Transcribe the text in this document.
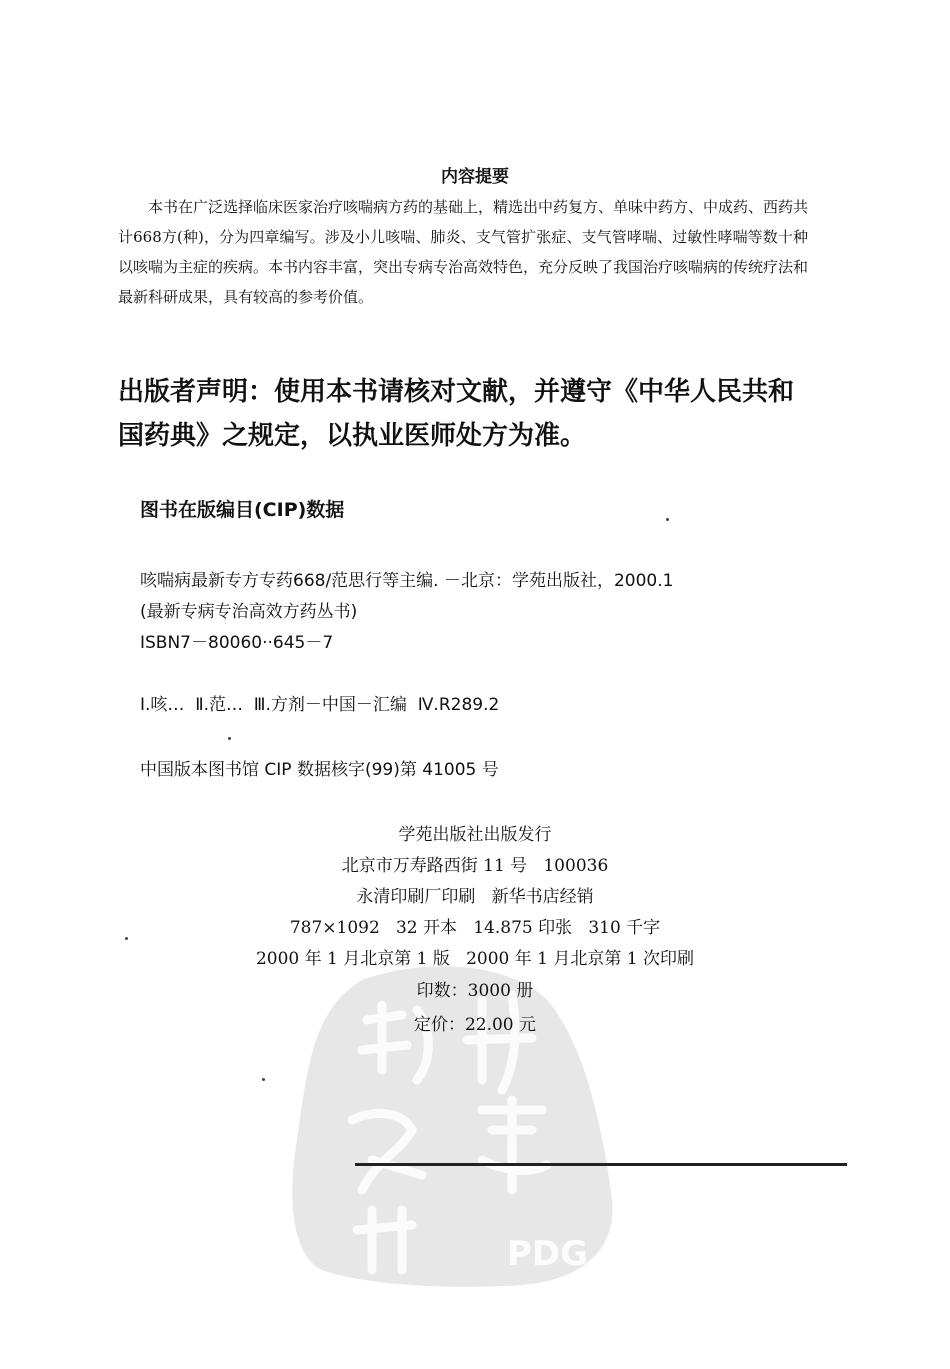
PDG
内容提要

本书在广泛选择临床医家治疗咳喘病方药的基础上，精选出中药复方、单味中药方、中成药、西药共计668方(种)，分为四章编写。涉及小儿咳喘、肺炎、支气管扩张症、支气管哮喘、过敏性哮喘等数十种以咳喘为主症的疾病。本书内容丰富，突出专病专治高效特色，充分反映了我国治疗咳喘病的传统疗法和最新科研成果，具有较高的参考价值。

出版者声明：使用本书请核对文献，并遵守《中华人民共和国药典》之规定，以执业医师处方为准。
图书在版编目(CIP)数据
咳喘病最新专方专药668/范思行等主编. －北京：学苑出版社，2000.1
(最新专病专治高效方药丛书)
ISBN7－80060··645－7
Ⅰ.咳…  Ⅱ.范…  Ⅲ.方剂－中国－汇编  Ⅳ.R289.2
中国版本图书馆 CIP 数据核字(99)第 41005 号
学苑出版社出版发行
北京市万寿路西街 11 号   100036
永清印刷厂印刷   新华书店经销
787×1092   32 开本   14.875 印张   310 千字
2000 年 1 月北京第 1 版   2000 年 1 月北京第 1 次印刷
印数：3000 册
定价：22.00 元
